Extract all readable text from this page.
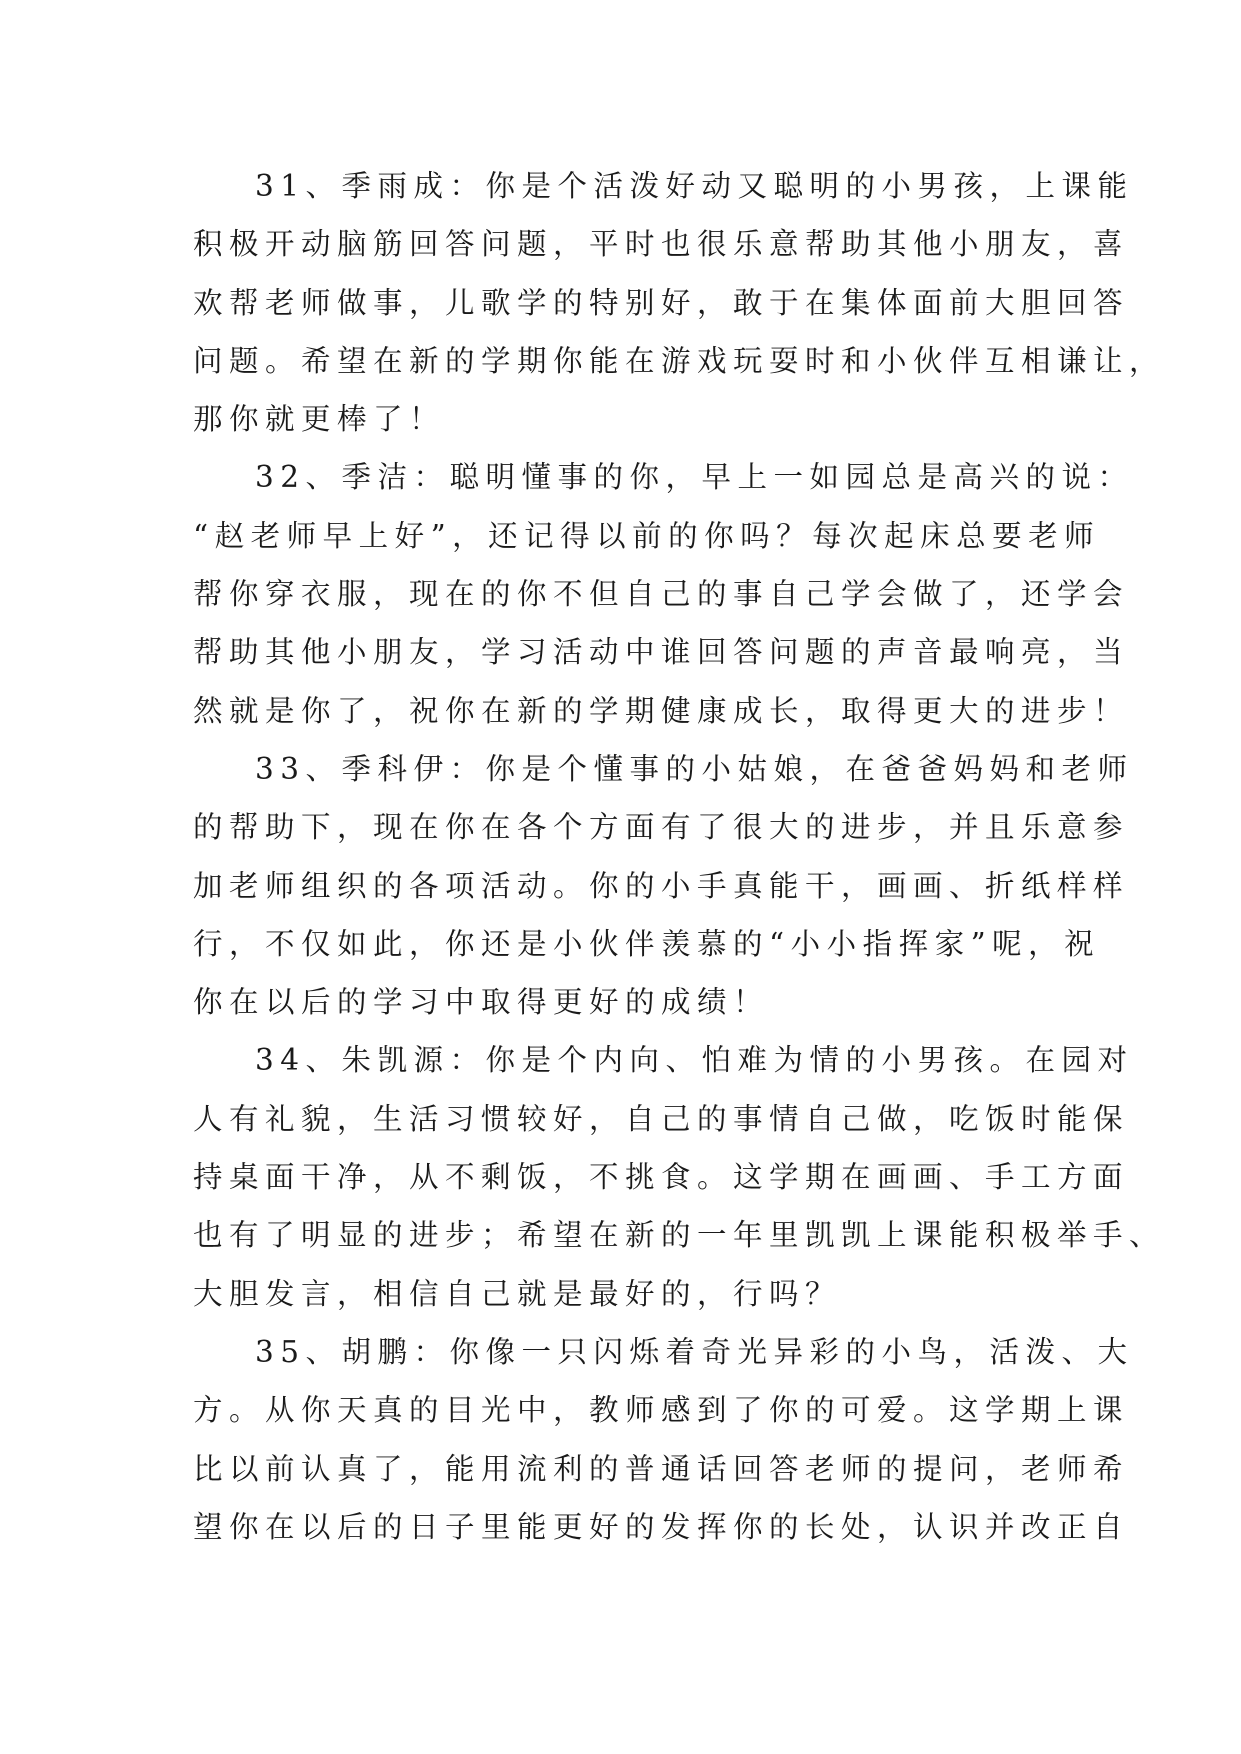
31、季雨成：你是个活泼好动又聪明的小男孩，上课能
积极开动脑筋回答问题，平时也很乐意帮助其他小朋友，喜
欢帮老师做事，儿歌学的特别好，敢于在集体面前大胆回答
问题。希望在新的学期你能在游戏玩耍时和小伙伴互相谦让，
那你就更棒了！

32、季洁：聪明懂事的你，早上一如园总是高兴的说：
“赵老师早上好”，还记得以前的你吗？每次起床总要老师
帮你穿衣服，现在的你不但自己的事自己学会做了，还学会
帮助其他小朋友，学习活动中谁回答问题的声音最响亮，当
然就是你了，祝你在新的学期健康成长，取得更大的进步！

33、季科伊：你是个懂事的小姑娘，在爸爸妈妈和老师
的帮助下，现在你在各个方面有了很大的进步，并且乐意参
加老师组织的各项活动。你的小手真能干，画画、折纸样样
行，不仅如此，你还是小伙伴羡慕的“小小指挥家”呢，祝
你在以后的学习中取得更好的成绩！

34、朱凯源：你是个内向、怕难为情的小男孩。在园对
人有礼貌，生活习惯较好，自己的事情自己做，吃饭时能保
持桌面干净，从不剩饭，不挑食。这学期在画画、手工方面
也有了明显的进步；希望在新的一年里凯凯上课能积极举手、
大胆发言，相信自己就是最好的，行吗？

35、胡鹏：你像一只闪烁着奇光异彩的小鸟，活泼、大
方。从你天真的目光中，教师感到了你的可爱。这学期上课
比以前认真了，能用流利的普通话回答老师的提问，老师希
望你在以后的日子里能更好的发挥你的长处，认识并改正自
